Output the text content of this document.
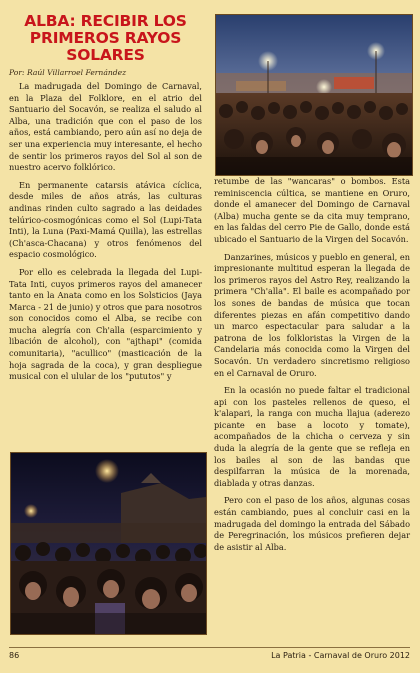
ALBA: RECIBIR LOS
PRIMEROS RAYOS SOLARES
Por: Raúl Villarroel Fernández

La madrugada del Domingo de Carnaval, en la Plaza del Folklore, en el atrio del Santuario del Socavón, se realiza el saludo al Alba, una tradición que con el paso de los años, está cambiando, pero aún así no deja de ser una experiencia muy interesante, el hecho de sentir los primeros rayos del Sol al son de nuestro acervo folklórico.

En permanente catarsis atávica cíclica, desde miles de años atrás, las culturas andinas rinden culto sagrado a las deidades telúrico-cosmogónicas como el Sol (Lupi-Tata Inti), la Luna (Paxi-Mamá Quilla), las estrellas (Ch'asca-Chacana) y otros fenómenos del espacio cosmológico.

Por ello es celebrada la llegada del Lupi-Tata Inti, cuyos primeros rayos del amanecer tanto en la Anata como en los Solsticios (Jaya Marca - 21 de junio) y otros que para nosotros son conocidos como el Alba, se recibe con mucha alegría con Ch'alla (esparcimiento y libación de alcohol), con "ajthapi" (comida comunitaria), "acullico" (masticación de la hoja sagrada de la coca), y gran despliegue musical con el ulular de los "pututos" y

retumbe de las "wancaras" o bombos. Esta reminiscencia cúltica, se mantiene en Oruro, donde el amanecer del Domingo de Carnaval (Alba) mucha gente se da cita muy temprano, en las faldas del cerro Pie de Gallo, donde está ubicado el Santuario de la Virgen del Socavón.

Danzarines, músicos y pueblo en general, en impresionante multitud esperan la llegada de los primeros rayos del Astro Rey, realizando la primera "Ch'alla". El baile es acompañado por los sones de bandas de música que tocan diferentes piezas en afán competitivo dando un marco espectacular para saludar a la patrona de los folkloristas la Virgen de la Candelaria más conocida como la Virgen del Socavón. Un verdadero sincretismo religioso en el Carnaval de Oruro.

En la ocasión no puede faltar el tradicional api con los pasteles rellenos de queso, el k'alapari, la ranga con mucha llajua (aderezo picante en base a locoto y tomate), acompañados de la chicha o cerveza y sin duda la alegría de la gente que se refleja en los bailes al son de las bandas que despilfarran la música de la morenada, diablada y otras danzas.

Pero con el paso de los años, algunas cosas están cambiando, pues al concluir casi en la madrugada del domingo la entrada del Sábado de Peregrinación, los músicos prefieren dejar de asistir al Alba.

86	La Patria - Carnaval de Oruro 2012
